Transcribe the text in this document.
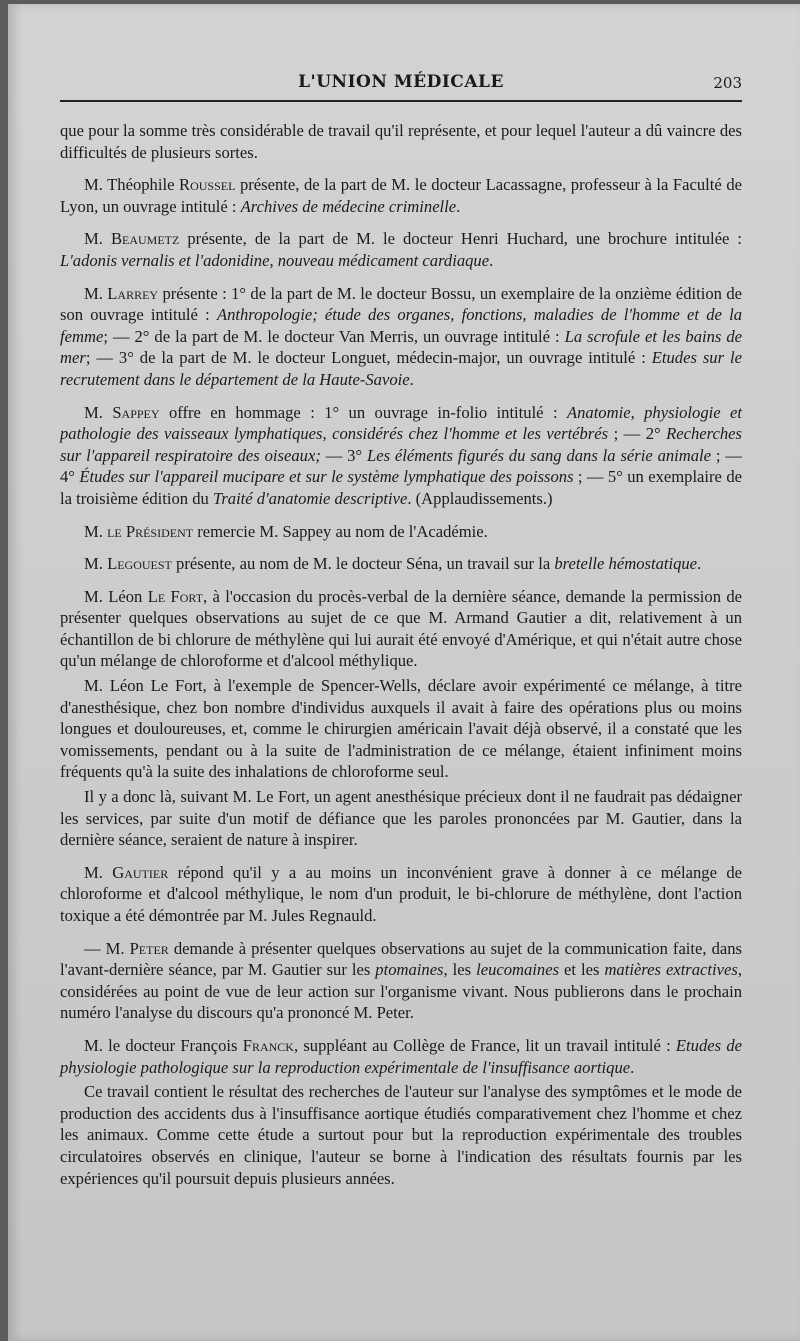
L'UNION MÉDICALE	203

que pour la somme très considérable de travail qu'il représente, et pour lequel l'auteur a dû vaincre des difficultés de plusieurs sortes.

M. Théophile Roussel présente, de la part de M. le docteur Lacassagne, professeur à la Faculté de Lyon, un ouvrage intitulé : Archives de médecine criminelle.

M. Beaumetz présente, de la part de M. le docteur Henri Huchard, une brochure intitulée : L'adonis vernalis et l'adonidine, nouveau médicament cardiaque.

M. Larrey présente : 1° de la part de M. le docteur Bossu, un exemplaire de la onzième édition de son ouvrage intitulé : Anthropologie; étude des organes, fonctions, maladies de l'homme et de la femme; — 2° de la part de M. le docteur Van Merris, un ouvrage intitulé : La scrofule et les bains de mer; — 3° de la part de M. le docteur Longuet, médecin-major, un ouvrage intitulé : Etudes sur le recrutement dans le département de la Haute-Savoie.

M. Sappey offre en hommage : 1° un ouvrage in-folio intitulé : Anatomie, physiologie et pathologie des vaisseaux lymphatiques, considérés chez l'homme et les vertébrés ; — 2° Recherches sur l'appareil respiratoire des oiseaux; — 3° Les éléments figurés du sang dans la série animale ; — 4° Études sur l'appareil mucipare et sur le système lymphatique des poissons ; — 5° un exemplaire de la troisième édition du Traité d'anatomie descriptive. (Applaudissements.)

M. le Président remercie M. Sappey au nom de l'Académie.

M. Legouest présente, au nom de M. le docteur Séna, un travail sur la bretelle hémostatique.

M. Léon Le Fort, à l'occasion du procès-verbal de la dernière séance, demande la permission de présenter quelques observations au sujet de ce que M. Armand Gautier a dit, relativement à un échantillon de bi chlorure de méthylène qui lui aurait été envoyé d'Amérique, et qui n'était autre chose qu'un mélange de chloroforme et d'alcool méthylique.

M. Léon Le Fort, à l'exemple de Spencer-Wells, déclare avoir expérimenté ce mélange, à titre d'anesthésique, chez bon nombre d'individus auxquels il avait à faire des opérations plus ou moins longues et douloureuses, et, comme le chirurgien américain l'avait déjà observé, il a constaté que les vomissements, pendant ou à la suite de l'administration de ce mélange, étaient infiniment moins fréquents qu'à la suite des inhalations de chloroforme seul.

Il y a donc là, suivant M. Le Fort, un agent anesthésique précieux dont il ne faudrait pas dédaigner les services, par suite d'un motif de défiance que les paroles prononcées par M. Gautier, dans la dernière séance, seraient de nature à inspirer.

M. Gautier répond qu'il y a au moins un inconvénient grave à donner à ce mélange de chloroforme et d'alcool méthylique, le nom d'un produit, le bi-chlorure de méthylène, dont l'action toxique a été démontrée par M. Jules Regnauld.

— M. Peter demande à présenter quelques observations au sujet de la communication faite, dans l'avant-dernière séance, par M. Gautier sur les ptomaines, les leucomaines et les matières extractives, considérées au point de vue de leur action sur l'organisme vivant. Nous publierons dans le prochain numéro l'analyse du discours qu'a prononcé M. Peter.

M. le docteur François Franck, suppléant au Collège de France, lit un travail intitulé : Etudes de physiologie pathologique sur la reproduction expérimentale de l'insuffisance aortique.

Ce travail contient le résultat des recherches de l'auteur sur l'analyse des symptômes et le mode de production des accidents dus à l'insuffisance aortique étudiés comparativement chez l'homme et chez les animaux. Comme cette étude a surtout pour but la reproduction expérimentale des troubles circulatoires observés en clinique, l'auteur se borne à l'indication des résultats fournis par les expériences qu'il poursuit depuis plusieurs années.
